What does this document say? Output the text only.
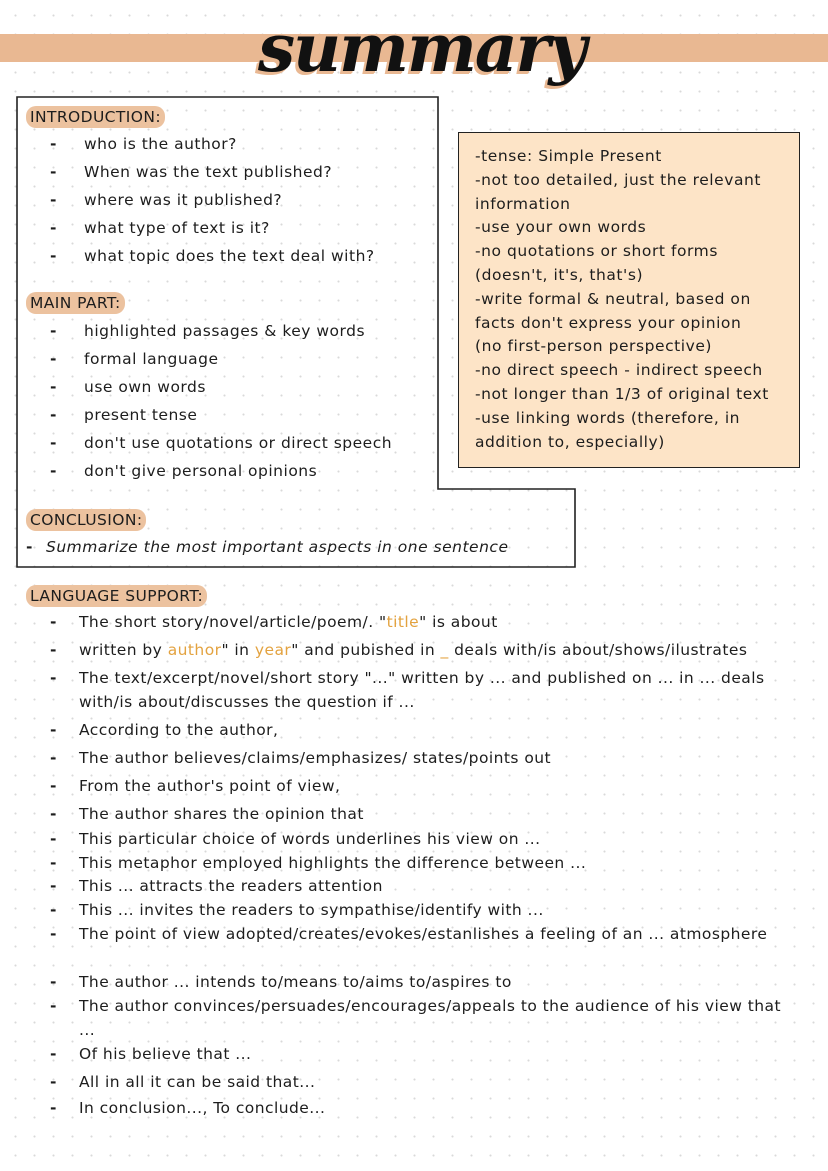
summary
INTRODUCTION:
- who is the author?
- When was the text published?
- where was it published?
- what type of text is it?
- what topic does the text deal with?
MAIN PART:
- highlighted passages & key words
- formal language
- use own words
- present tense
- don't use quotations or direct speech
- don't give personal opinions
-tense: Simple Present
-not too detailed, just the relevant
information
-use your own words
-no quotations or short forms
(doesn't, it's, that's)
-write formal & neutral, based on
facts don't express your opinion
(no first-person perspective)
-no direct speech - indirect speech
-not longer than 1/3 of original text
-use linking words (therefore, in
addition to, especially)
CONCLUSION:
- Summarize the most important aspects in one sentence
LANGUAGE SUPPORT:
-	The short story/novel/article/poem/. "title" is about
-	written by author" in year" and pubished in _ deals with/is about/shows/ilustrates
-	The text/excerpt/novel/short story "..." written by ... and published on ... in ... deals with/is about/discusses the question if ...
-	According to the author,
-	The author believes/claims/emphasizes/ states/points out
-	From the author's point of view,
-	The author shares the opinion that
-	This particular choice of words underlines his view on ...
-	This metaphor employed highlights the difference between ...
-	This ... attracts the readers attention
-	This ... invites the readers to sympathise/identify with ...
-	The point of view adopted/creates/evokes/estanlishes a feeling of an ... atmosphere
-	The author ... intends to/means to/aims to/aspires to
-	The author convinces/persuades/encourages/appeals to the audience of his view that ...
-	Of his believe that ...
-	All in all it can be said that...
-	In conclusion..., To conclude...
